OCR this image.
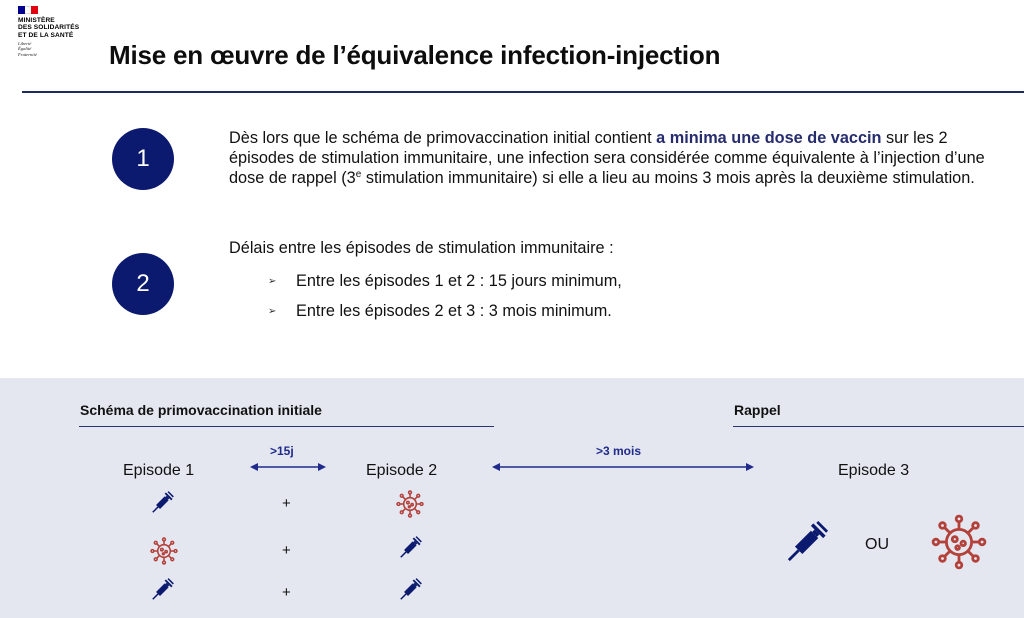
MINISTÈRE
DES SOLIDARITÉS
ET DE LA SANTÉ
Liberté
Égalité
Fraternité	Mise en œuvre de l’équivalence infection-injection
1
Dès lors que le schéma de primovaccination initial contient a minima une dose de vaccin sur les 2 épisodes de stimulation immunitaire, une infection sera considérée comme équivalente à l’injection d’une dose de rappel (3e stimulation immunitaire) si elle a lieu au moins 3 mois après la deuxième stimulation.
2
Délais entre les épisodes de stimulation immunitaire :
➢	Entre les épisodes 1 et 2 : 15 jours minimum,
➢	Entre les épisodes 2 et 3 : 3 mois minimum.
Schéma de primovaccination initiale	Rappel
Episode 1	Episode 2	Episode 3
>15j	>3 mois
+
+
+
OU
